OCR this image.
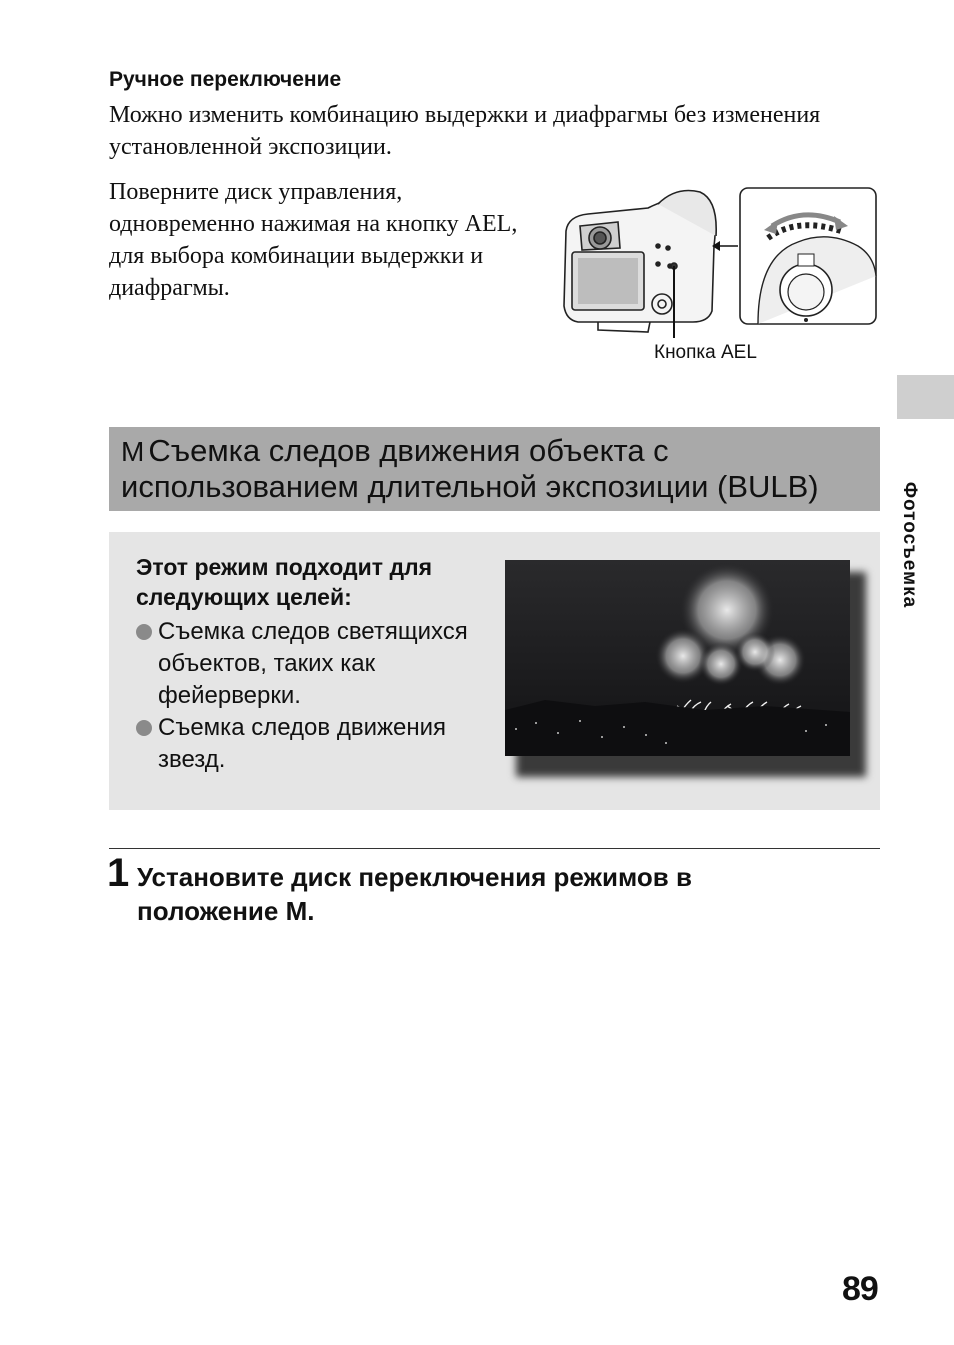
Ручное переключение
Можно изменить комбинацию выдержки и диафрагмы без изменения установленной экспозиции.
Поверните диск управления, одновременно нажимая на кнопку AEL, для выбора комбинации выдержки и диафрагмы.
Кнопка AEL
Фотосъемка
M Съемка следов движения объекта с
использованием длительной экспозиции (BULB)
Этот режим подходит для следующих целей:
Съемка следов светящихся объектов, таких как фейерверки.
Съемка следов движения звезд.
1 Установите диск переключения режимов в положение M.
89
